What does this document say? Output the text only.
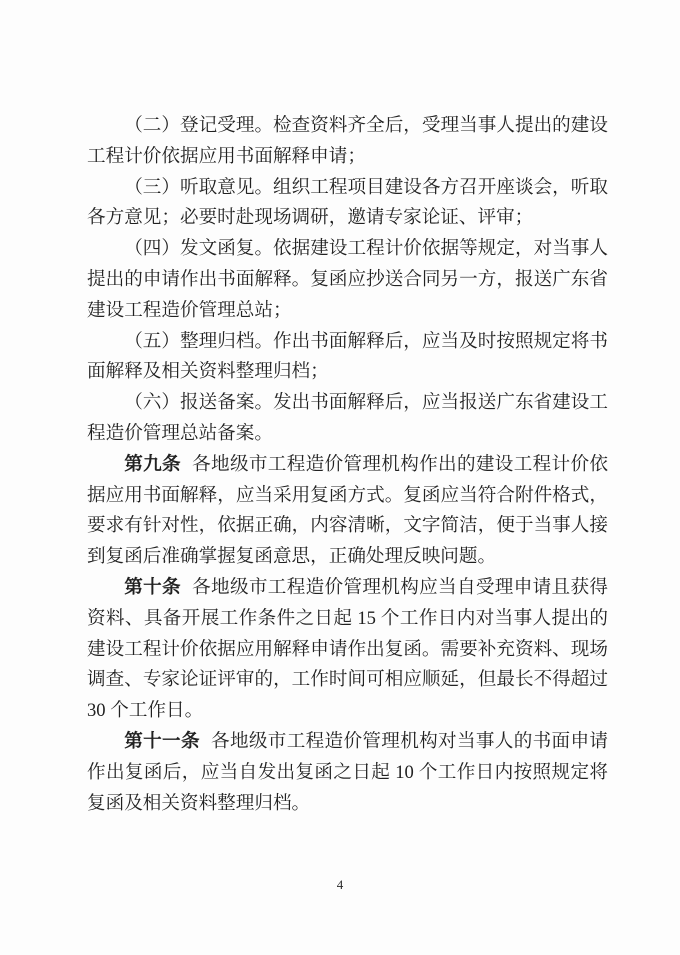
（二）登记受理。检查资料齐全后，受理当事人提出的建设工程计价依据应用书面解释申请；

（三）听取意见。组织工程项目建设各方召开座谈会，听取各方意见；必要时赴现场调研，邀请专家论证、评审；

（四）发文函复。依据建设工程计价依据等规定，对当事人提出的申请作出书面解释。复函应抄送合同另一方，报送广东省建设工程造价管理总站；

（五）整理归档。作出书面解释后，应当及时按照规定将书面解释及相关资料整理归档；

（六）报送备案。发出书面解释后，应当报送广东省建设工程造价管理总站备案。

第九条 各地级市工程造价管理机构作出的建设工程计价依据应用书面解释，应当采用复函方式。复函应当符合附件格式，要求有针对性，依据正确，内容清晰，文字简洁，便于当事人接到复函后准确掌握复函意思，正确处理反映问题。

第十条 各地级市工程造价管理机构应当自受理申请且获得资料、具备开展工作条件之日起 15 个工作日内对当事人提出的建设工程计价依据应用解释申请作出复函。需要补充资料、现场调查、专家论证评审的，工作时间可相应顺延，但最长不得超过 30 个工作日。

第十一条 各地级市工程造价管理机构对当事人的书面申请作出复函后，应当自发出复函之日起 10 个工作日内按照规定将复函及相关资料整理归档。

4
